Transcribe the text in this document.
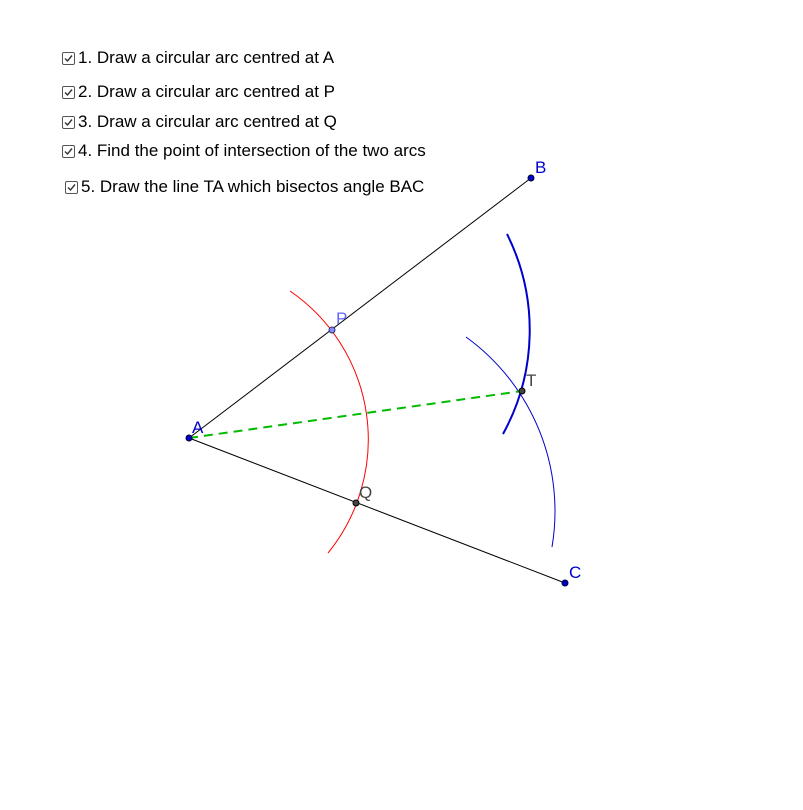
1. Draw a circular arc centred at A
2. Draw a circular arc centred at P
3. Draw a circular arc centred at Q
4. Find the point of intersection of the two arcs
5. Draw the line TA which bisectos angle BAC
A
B
C
P
Q
T
